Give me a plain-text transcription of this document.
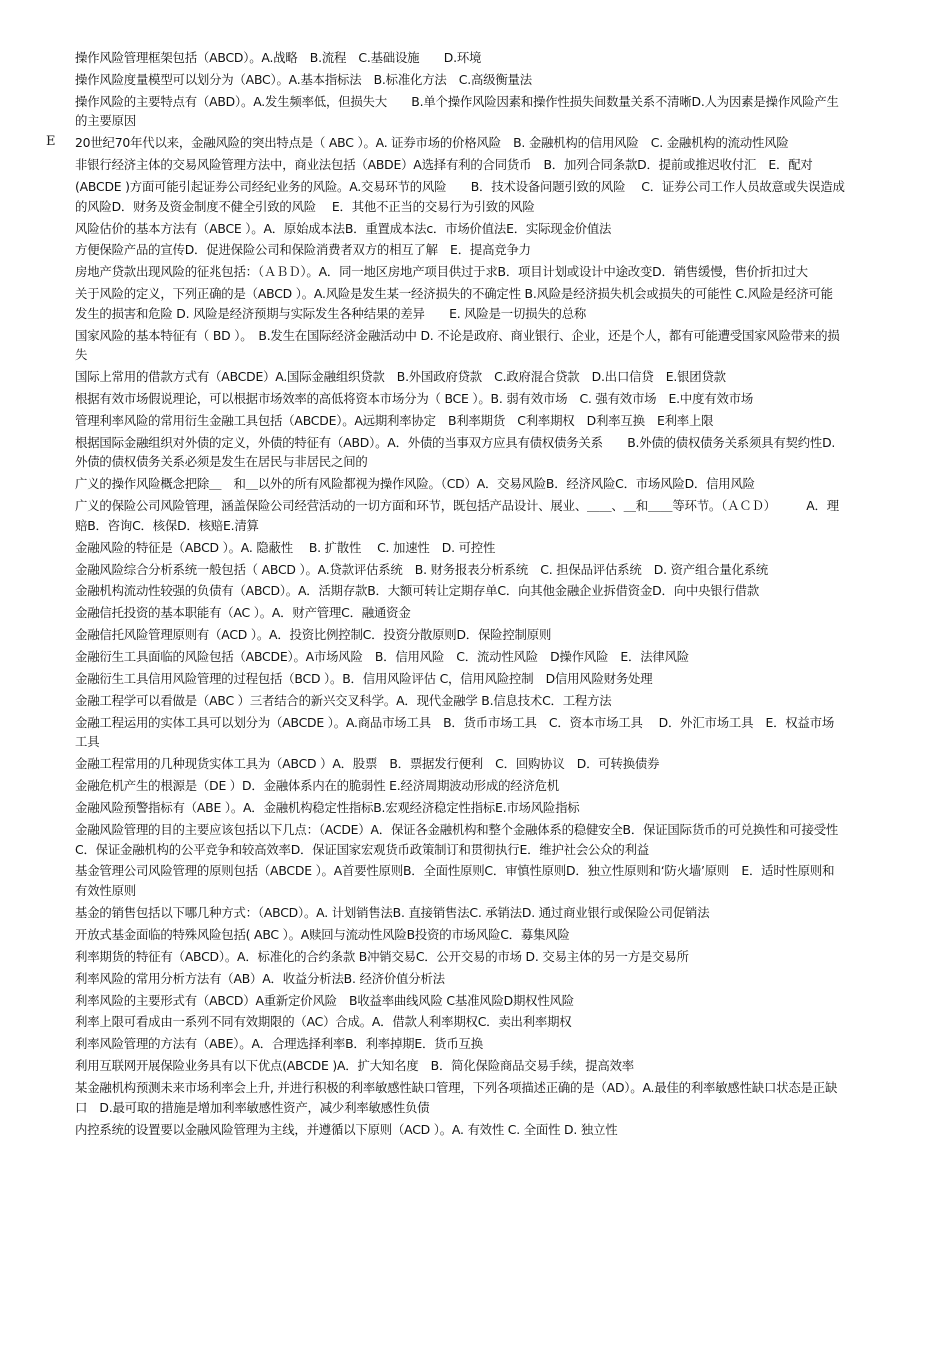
E

操作风险管理框架包括（ABCD）。A.战略　B.流程　C.基础设施　　D.环境

操作风险度量模型可以划分为（ABC）。A.基本指标法　B.标准化方法　C.高级衡量法

操作风险的主要特点有（ABD）。A.发生频率低，但损失大　　B.单个操作风险因素和操作性损失间数量关系不清晰D.人为因素是操作风险产生的主要原因

20世纪70年代以来，金融风险的突出特点是（ ABC ）。A. 证券市场的价格风险　B. 金融机构的信用风险　C. 金融机构的流动性风险

非银行经济主体的交易风险管理方法中，商业法包括（ABDE）A选择有利的合同货币　B．加列合同条款D．提前或推迟收付汇　E．配对

(ABCDE )方面可能引起证券公司经纪业务的风险。A.交易环节的风险　　B．技术设备问题引致的风险　 C．证券公司工作人员故意或失误造成的风险D．财务及资金制度不健全引致的风险　 E．其他不正当的交易行为引致的风险

风险估价的基本方法有（ABCE ）。A．原始成本法B．重置成本法c．市场价值法E．实际现金价值法

方便保险产品的宣传D．促进保险公司和保险消费者双方的相互了解　E．提高竞争力

房地产贷款出现风险的征兆包括：（ＡＢＤ）。A．同一地区房地产项目供过于求B．项目计划或设计中途改变D．销售缓慢，售价折扣过大

关于风险的定义，下列正确的是（ABCD ）。A.风险是发生某一经济损失的不确定性 B.风险是经济损失机会或损失的可能性 C.风险是经济可能发生的损害和危险 D. 风险是经济预期与实际发生各种结果的差异　　E. 风险是一切损失的总称

国家风险的基本特征有（ BD ）。　B.发生在国际经济金融活动中 D. 不论是政府、商业银行、企业，还是个人，都有可能遭受国家风险带来的损失

国际上常用的借款方式有（ABCDE）A.国际金融组织贷款　B.外国政府贷款　C.政府混合贷款　D.出口信贷　E.银团贷款

根据有效市场假说理论，可以根据市场效率的高低将资本市场分为（ BCE ）。B. 弱有效市场　C. 强有效市场　E.中度有效市场

管理利率风险的常用衍生金融工具包括（ABCDE）。A远期利率协定　B利率期货　C利率期权　D利率互换　E利率上限

根据国际金融组织对外债的定义，外债的特征有（ABD）。A．外债的当事双方应具有债权债务关系　　B.外债的债权债务关系须具有契约性D.外债的债权债务关系必须是发生在居民与非居民之间的

广义的操作风险概念把除＿　和＿以外的所有风险都视为操作风险。（CD）A．交易风险B．经济风险C．市场风险D．信用风险

广义的保险公司风险管理，涵盖保险公司经营活动的一切方面和环节，既包括产品设计、展业、＿＿、＿和＿＿等环节。（ＡＣＤ）　　　A．理赔B．咨询C．核保D．核赔E.清算

金融风险的特征是（ABCD ）。A. 隐蔽性　 B. 扩散性　 C. 加速性　D. 可控性

金融风险综合分析系统一般包括（ ABCD ）。A.贷款评估系统　B. 财务报表分析系统　C. 担保品评估系统　D. 资产组合量化系统

金融机构流动性较强的负债有（ABCD）。A．活期存款B．大额可转让定期存单C．向其他金融企业拆借资金D．向中央银行借款

金融信托投资的基本职能有（AC ）。A．财产管理C．融通资金

金融信托风险管理原则有（ACD ）。A．投资比例控制C．投资分散原则D．保险控制原则

金融衍生工具面临的风险包括（ABCDE）。A市场风险　B．信用风险　C．流动性风险　D操作风险　E．法律风险

金融衍生工具信用风险管理的过程包括（BCD ）。B．信用风险评估 C，信用风险控制　D信用风险财务处理

金融工程学可以看做是（ABC ）三者结合的新兴交叉科学。A．现代金融学 B.信息技术C．工程方法

金融工程运用的实体工具可以划分为（ABCDE ）。A.商品市场工具　B．货币市场工具　C．资本市场工具　 D．外汇市场工具　E．权益市场工具

金融工程常用的几种现货实体工具为（ABCD ）A．股票　B．票据发行便利　C．回购协议　D．可转换债券

金融危机产生的根源是（DE ）D．金融体系内在的脆弱性 E.经济周期波动形成的经济危机

金融风险预警指标有（ABE ）。A．金融机构稳定性指标B.宏观经济稳定性指标E.市场风险指标

金融风险管理的目的主要应该包括以下几点：（ACDE）A．保证各金融机构和整个金融体系的稳健安全B．保证国际货币的可兑换性和可接受性C．保证金融机构的公平竞争和较高效率D．保证国家宏观货币政策制订和贯彻执行E．维护社会公众的利益

基金管理公司风险管理的原则包括（ABCDE ）。A首要性原则B．全面性原则C．审慎性原则D．独立性原则和‘防火墙’原则　E．适时性原则和有效性原则

基金的销售包括以下哪几种方式：（ABCD）。A. 计划销售法B. 直接销售法C. 承销法D. 通过商业银行或保险公司促销法

开放式基金面临的特殊风险包括( ABC ）。A赎回与流动性风险B投资的市场风险C．募集风险

利率期货的特征有（ABCD）。A．标准化的合约条款 B冲销交易C．公开交易的市场 D. 交易主体的另一方是交易所

利率风险的常用分析方法有（AB）A．收益分析法B. 经济价值分析法

利率风险的主要形式有（ABCD）A重新定价风险　B收益率曲线风险 C基准风险D期权性风险

利率上限可看成由一系列不同有效期限的（AC）合成。A．借款人利率期权C．卖出利率期权

利率风险管理的方法有（ABE）。A．合理选择利率B．利率掉期E．货币互换

利用互联网开展保险业务具有以下优点(ABCDE )A．扩大知名度　B．简化保险商品交易手续，提高效率

某金融机构预测未来市场利率会上升, 并进行积极的利率敏感性缺口管理，下列各项描述正确的是（AD）。A.最佳的利率敏感性缺口状态是正缺口　D.最可取的措施是增加利率敏感性资产，减少利率敏感性负债

内控系统的设置要以金融风险管理为主线，并遵循以下原则（ACD ）。A. 有效性 C. 全面性 D. 独立性
